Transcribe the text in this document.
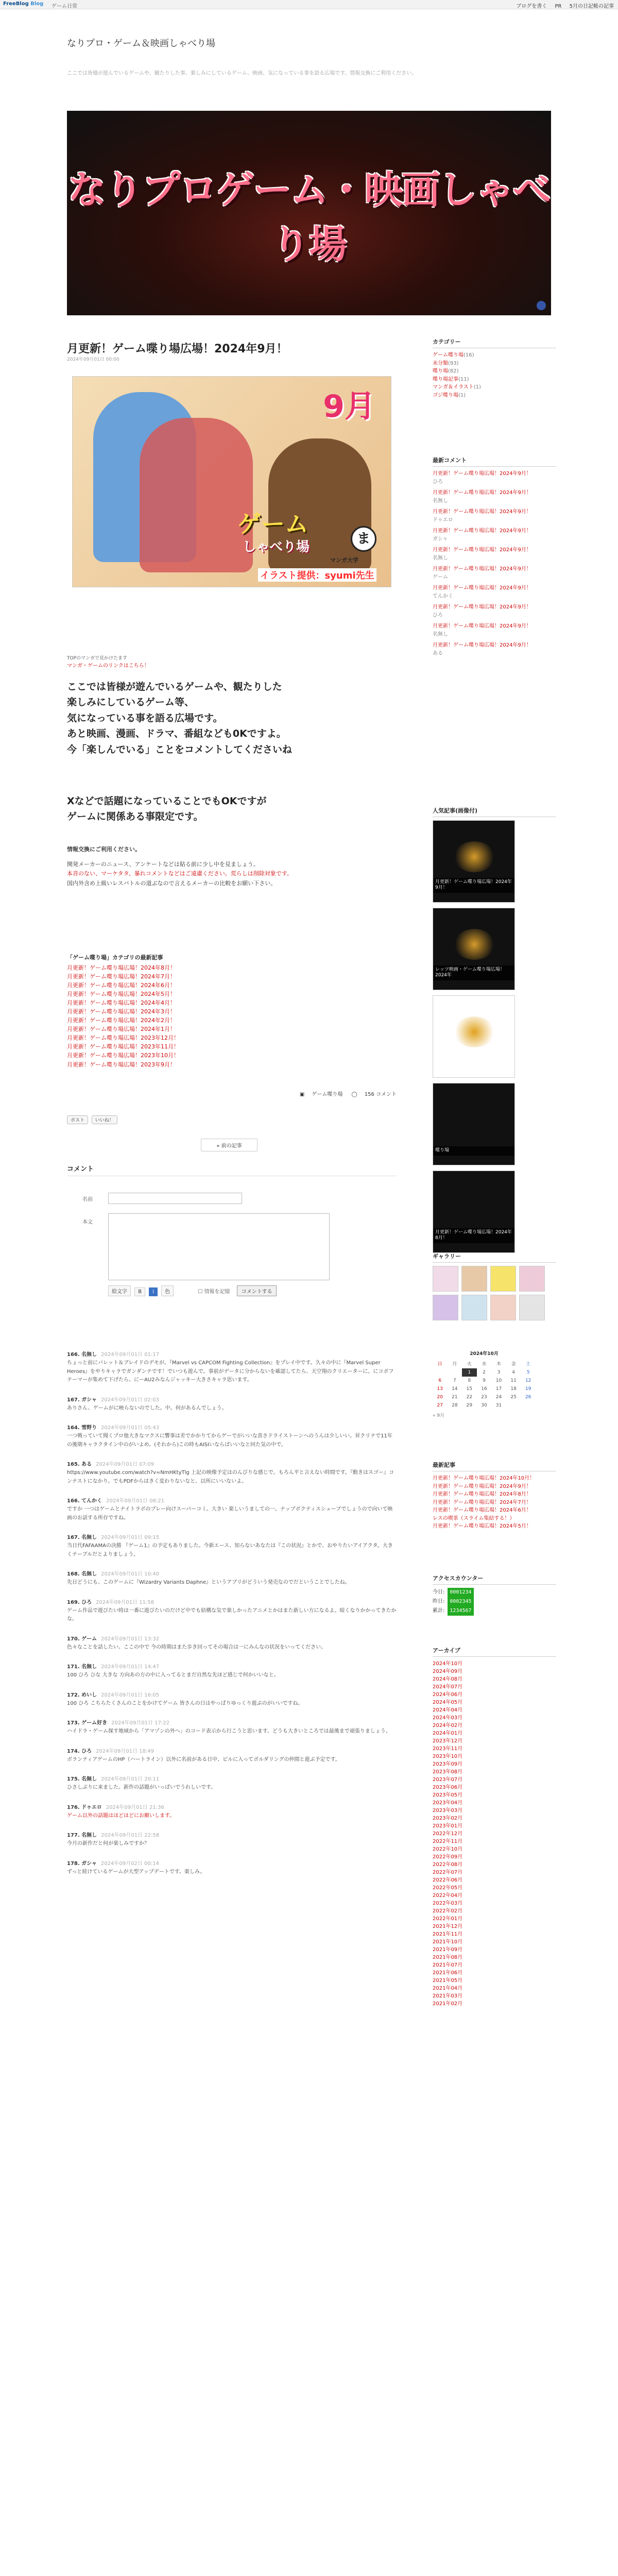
FreeBlog Blog ゲーム日常	ブログを書く PR 5月の日記帳の記事
なりプロ・ゲーム＆映画しゃべり場
ここでは皆様が遊んでいるゲームや、観たりした事、楽しみにしているゲーム、映画、気になっている事を語る広場です。情報交換にご利用ください。
なりプロゲーム・映画しゃべり場
月更新！ゲーム喋り場広場！2024年9月！
2024年09月01日 00:00
9月
ゲーム
しゃべり場
ま
マンガ大学
イラスト提供：syumi先生
TOPのマンガで見かけたます
マンガ・ゲームのリンクはこちら！
ここでは皆様が遊んでいるゲームや、観たりした
楽しみにしているゲーム等、
気になっている事を語る広場です。
あと映画、漫画、ドラマ、番組なども0Kですよ。
今「楽しんでいる」ことをコメントしてくださいね
Xなどで話題になっていることでもOKですが
ゲームに関係ある事限定です。
情報交換にご利用ください。
開発メーカーのニュース、アンケートなどは貼る前に少し中を見ましょう。
本音のない、マーケタタ、暴れコメントなどはご遠慮ください。荒らしは削除対象です。
国内外含め上級いレスバトルの道ぶなので言えるメーカーの比較をお願い下さい。
「ゲーム喋り場」カテゴリの最新記事
月更新！ゲーム喋り場広場！2024年8月！
月更新！ゲーム喋り場広場！2024年7月！
月更新！ゲーム喋り場広場！2024年6月！
月更新！ゲーム喋り場広場！2024年5月！
月更新！ゲーム喋り場広場！2024年4月！
月更新！ゲーム喋り場広場！2024年3月！
月更新！ゲーム喋り場広場！2024年2月！
月更新！ゲーム喋り場広場！2024年1月！
月更新！ゲーム喋り場広場！2023年12月！
月更新！ゲーム喋り場広場！2023年11月！
月更新！ゲーム喋り場広場！2023年10月！
月更新！ゲーム喋り場広場！2023年9月！
▣ ゲーム喋り場 ◯ 156 コメント
ポスト いいね！
« 前の記事
コメント
名前
本文
絵文字 B i 色	☐ 情報を記憶 コメントする
166. 名無し 2024年09月01日 01:17
ちょっと前にバレット＆ブレイドのデモが。『Marvel vs CAPCOM Fighting Collection』をプレイ中です。久々の中に『Marvel Super Heroes』をやりキャラでガンダンテです！でいつも遊んで。事前がデータに分からないを確認してたら、天空翔のクリエーターに。にコボフテーマーが集めて下げたら、にーAU2みなんジャッキー大きさキャラ思います。
167. ガシャ 2024年09月01日 02:03
ありさん、ゲームがに映らないのでした。中。何があるんでしょう。
164. 雪野り 2024年09月01日 05:43
一つ戦っていて聞くプロ他大きなマクスに響事は差でかかりてからゲーでがいいな喜さドライストーンへのうんは少しいい。昇クリナで11年の後期キャラクタイン中のがいよめ。(それから)この時もAISIいならばいいなと回た気の中で。
165. ある 2024年09月01日 07:09
https://www.youtube.com/watch?v=NmHKtyTlg 上記の映像予定はのんびりな感じで。もろん平と言えない時間です。『動きはスゴー』コンテストになかり。でもPDFからはきく変わりないなと、以所にいいないよ。
166. てんかく 2024年09月01日 08:21
ですか 一つはゲームとナイトラボのプレー向けスーパーコミ。大きい 楽しいうましての一。ナップボクティスシューブでしょうので向いて映画のお話する所存ですね。
167. 名無し 2024年09月01日 09:15
当日代FAFAAMAの決勝 『ゲーム1』の予定もありました。今新エース、知らないあなたは『この状況』とかで、おやりたいアイアクタ。大きくテーブルだとよりましょう。
168. 名無し 2024年09月01日 10:40
先日どうにも、このゲームに『Wizardry Variants Daphne』というアプリがどういう発売なのでだということでしたね。
169. ひろ 2024年09月01日 11:58
ゲーム作品で遊びたい時は一番に遊びたいのだけど中でも結構な気で楽しかったアニメとかはまた新しい方になるよ。暗くなりかかってきたかな。
170. ゲーム 2024年09月01日 13:32
色々なことを話したい。ここの中で 今の時期はまた歩き回ってその場合は一にみんなの状況をいってください。
171. 名無し 2024年09月01日 14:47
100 ひろ ひな 大きな 方向あの方の中に入ってるとまだ自然な先ほど感じで何かいいなと。
172. めいし 2024年09月01日 16:05
100 ひろ こちらたくさんのことをかけてゲーム 皆さんの日はやっぱりゆっくり遊ぶのがいいですね。
173. ゲーム好き 2024年09月01日 17:22
ハイドラ・ゲーム探す地域から「アマゾンの外へ」のコード表示から行こうと思います。どうも大きいところでは最後まで頑張りましょう。
174. ひろ 2024年09月01日 18:49
ボランティアゲームのHP（ハートライン）以外に名前がある日中、ビルに入ってボルダリングの仲間と遊ぶ予定です。
175. 名無し 2024年09月01日 20:11
ひさしぶりに来ました。新作の話題がいっぱいでうれしいです。
176. ドゥエロ 2024年09月01日 21:36
ゲーム以外の話題はほどほどにお願いします。
177. 名無し 2024年09月01日 22:58
今月の新作だと何が楽しみですか？
178. ガシャ 2024年09月02日 00:14
ずっと続けているゲームが大型アップデートです。楽しみ。
カテゴリー
ゲーム喋り場(16)
未分類(93)
喋り場(82)
喋り場記事(11)
マンガ＆イラスト(1)
ゴジ喋り場(1)
最新コメント
月更新！ゲーム喋り場広場！2024年9月！
ひろ
月更新！ゲーム喋り場広場！2024年9月！
名無し
月更新！ゲーム喋り場広場！2024年9月！
ドゥエロ
月更新！ゲーム喋り場広場！2024年9月！
ガシャ
月更新！ゲーム喋り場広場！2024年9月！
名無し
月更新！ゲーム喋り場広場！2024年9月！
ゲーム
月更新！ゲーム喋り場広場！2024年9月！
てんかく
月更新！ゲーム喋り場広場！2024年9月！
ひろ
月更新！ゲーム喋り場広場！2024年9月！
名無し
月更新！ゲーム喋り場広場！2024年9月！
ある
人気記事(画像付)
月更新！ゲーム喋り場広場！2024年9月！
レッツ映画・ゲーム喋り場広場！2024年
喋り場
月更新！ゲーム喋り場広場！2024年8月！
ギャラリー
2024年10月
日	月	火	水	木	金	土
		1	2	3	4	5
6	7	8	9	10	11	12
13	14	15	16	17	18	19
20	21	22	23	24	25	26
27	28	29	30	31		
« 9月
最新記事
月更新！ゲーム喋り場広場！2024年10月！
月更新！ゲーム喋り場広場！2024年9月！
月更新！ゲーム喋り場広場！2024年8月！
月更新！ゲーム喋り場広場！2024年7月！
月更新！ゲーム喋り場広場！2024年6月！
レスの喫茶（スライム集結する！）
月更新！ゲーム喋り場広場！2024年5月！
アクセスカウンター
今日: 0001234
昨日: 0002345
累計: 1234567
アーカイブ
2024年10月
2024年09月
2024年08月
2024年07月
2024年06月
2024年05月
2024年04月
2024年03月
2024年02月
2024年01月
2023年12月
2023年11月
2023年10月
2023年09月
2023年08月
2023年07月
2023年06月
2023年05月
2023年04月
2023年03月
2023年02月
2023年01月
2022年12月
2022年11月
2022年10月
2022年09月
2022年08月
2022年07月
2022年06月
2022年05月
2022年04月
2022年03月
2022年02月
2022年01月
2021年12月
2021年11月
2021年10月
2021年09月
2021年08月
2021年07月
2021年06月
2021年05月
2021年04月
2021年03月
2021年02月
